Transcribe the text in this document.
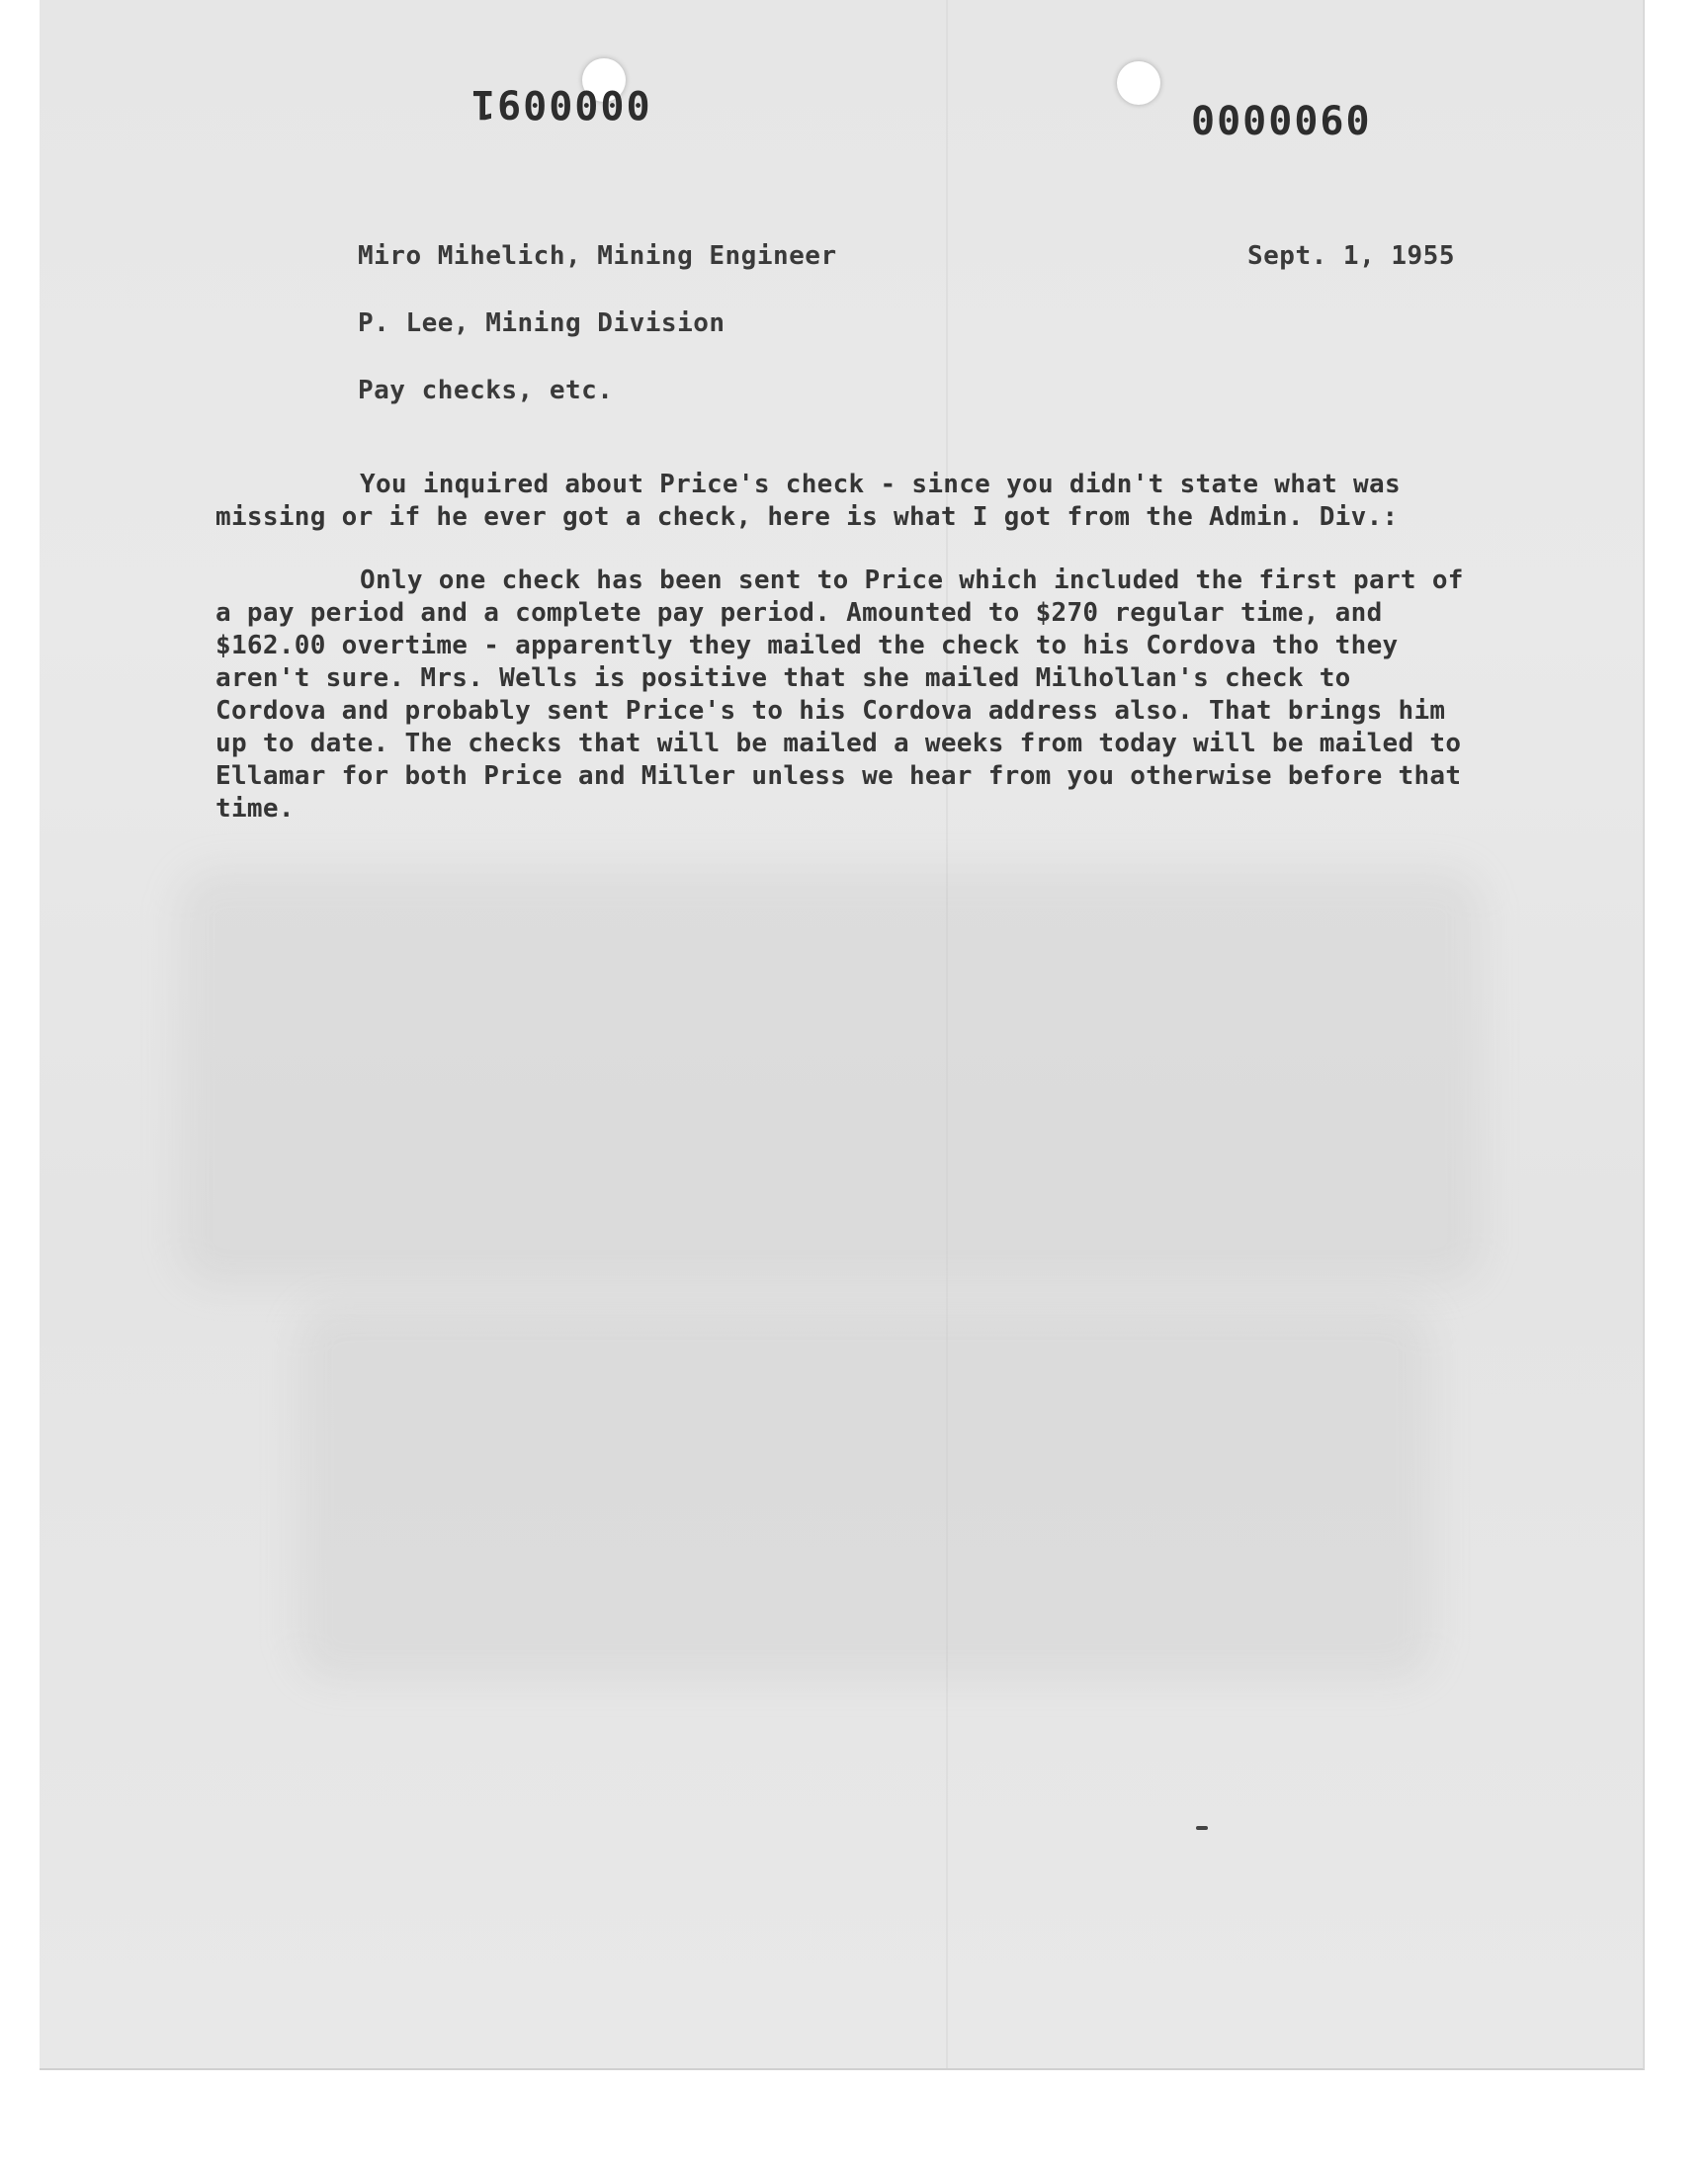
0000091	0000060
Miro Mihelich, Mining Engineer	Sept. 1, 1955
P. Lee, Mining Division
Pay checks, etc.
You inquired about Price's check - since you didn't state what was missing or if he ever got a check, here is what I got from the Admin. Div.:
Only one check has been sent to Price which included the first part of a pay period and a complete pay period. Amounted to $270 regular time, and $162.00 overtime - apparently they mailed the check to his Cordova tho they aren't sure. Mrs. Wells is positive that she mailed Milhollan's check to Cordova and probably sent Price's to his Cordova address also. That brings him up to date. The checks that will be mailed a weeks from today will be mailed to Ellamar for both Price and Miller unless we hear from you otherwise before that time.
